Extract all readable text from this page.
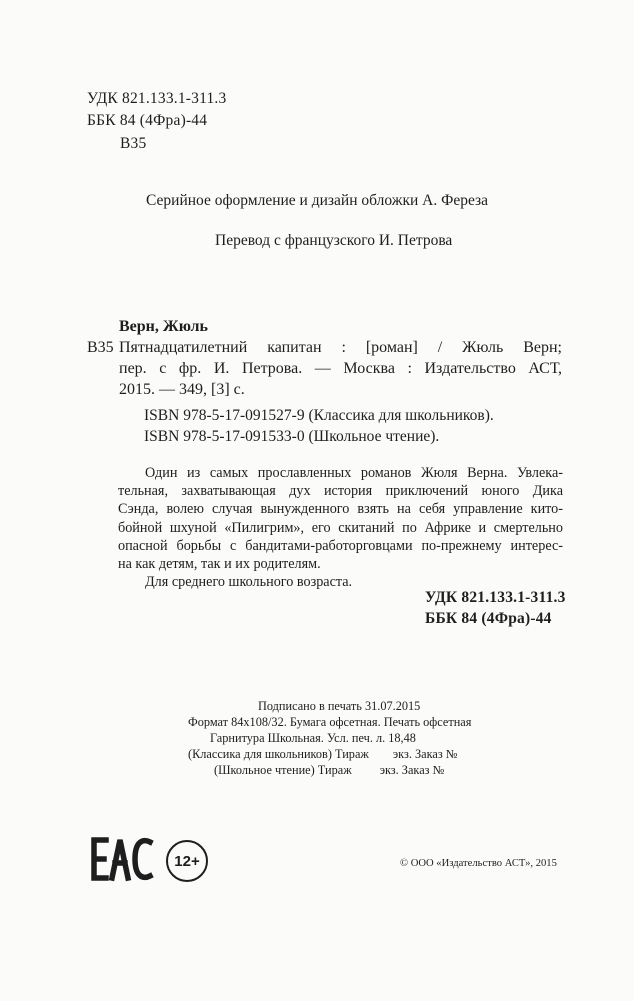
УДК 821.133.1-311.3
ББК 84 (4Фра)-44
В35
Серийное оформление и дизайн обложки А. Фереза
Перевод с французского И. Петрова
Верн, Жюль
В35 Пятнадцатилетний капитан : [роман] / Жюль Верн;
пер. с фр. И. Петрова. — Москва : Издательство АСТ,
2015. — 349, [3] с.
ISBN 978-5-17-091527-9 (Классика для школьников).
ISBN 978-5-17-091533-0 (Школьное чтение).
Один из самых прославленных романов Жюля Верна. Увлека-
тельная, захватывающая дух история приключений юного Дика
Сэнда, волею случая вынужденного взять на себя управление кито-
бойной шхуной «Пилигрим», его скитаний по Африке и смертельно
опасной борьбы с бандитами-работорговцами по-прежнему интерес-
на как детям, так и их родителям.
Для среднего школьного возраста.
УДК 821.133.1-311.3
ББК 84 (4Фра)-44
Подписано в печать 31.07.2015
Формат 84x108/32. Бумага офсетная. Печать офсетная
Гарнитура Школьная. Усл. печ. л. 18,48
(Классика для школьников) Тираж экз. Заказ №
(Школьное чтение) Тираж экз. Заказ №
12+	© ООО «Издательство АСТ», 2015
